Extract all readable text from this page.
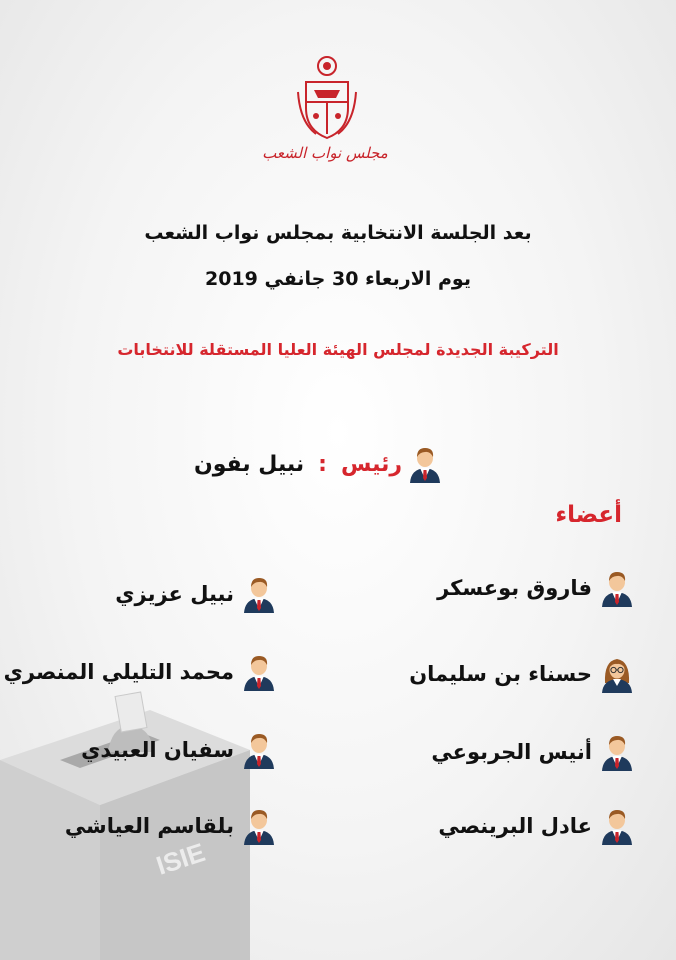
ISIE
مجلس نواب الشعب
بعد الجلسة الانتخابية بمجلس نواب الشعب
يوم الاربعاء 30 جانفي 2019
التركيبة الجديدة لمجلس الهيئة العليا المستقلة للانتخابات
رئيس
:
نبيل بفون
أعضاء
فاروق بوعسكر
حسناء بن سليمان
أنيس الجربوعي
عادل البرينصي
نبيل عزيزي
محمد التليلي المنصري
سفيان العبيدي
بلقاسم العياشي
